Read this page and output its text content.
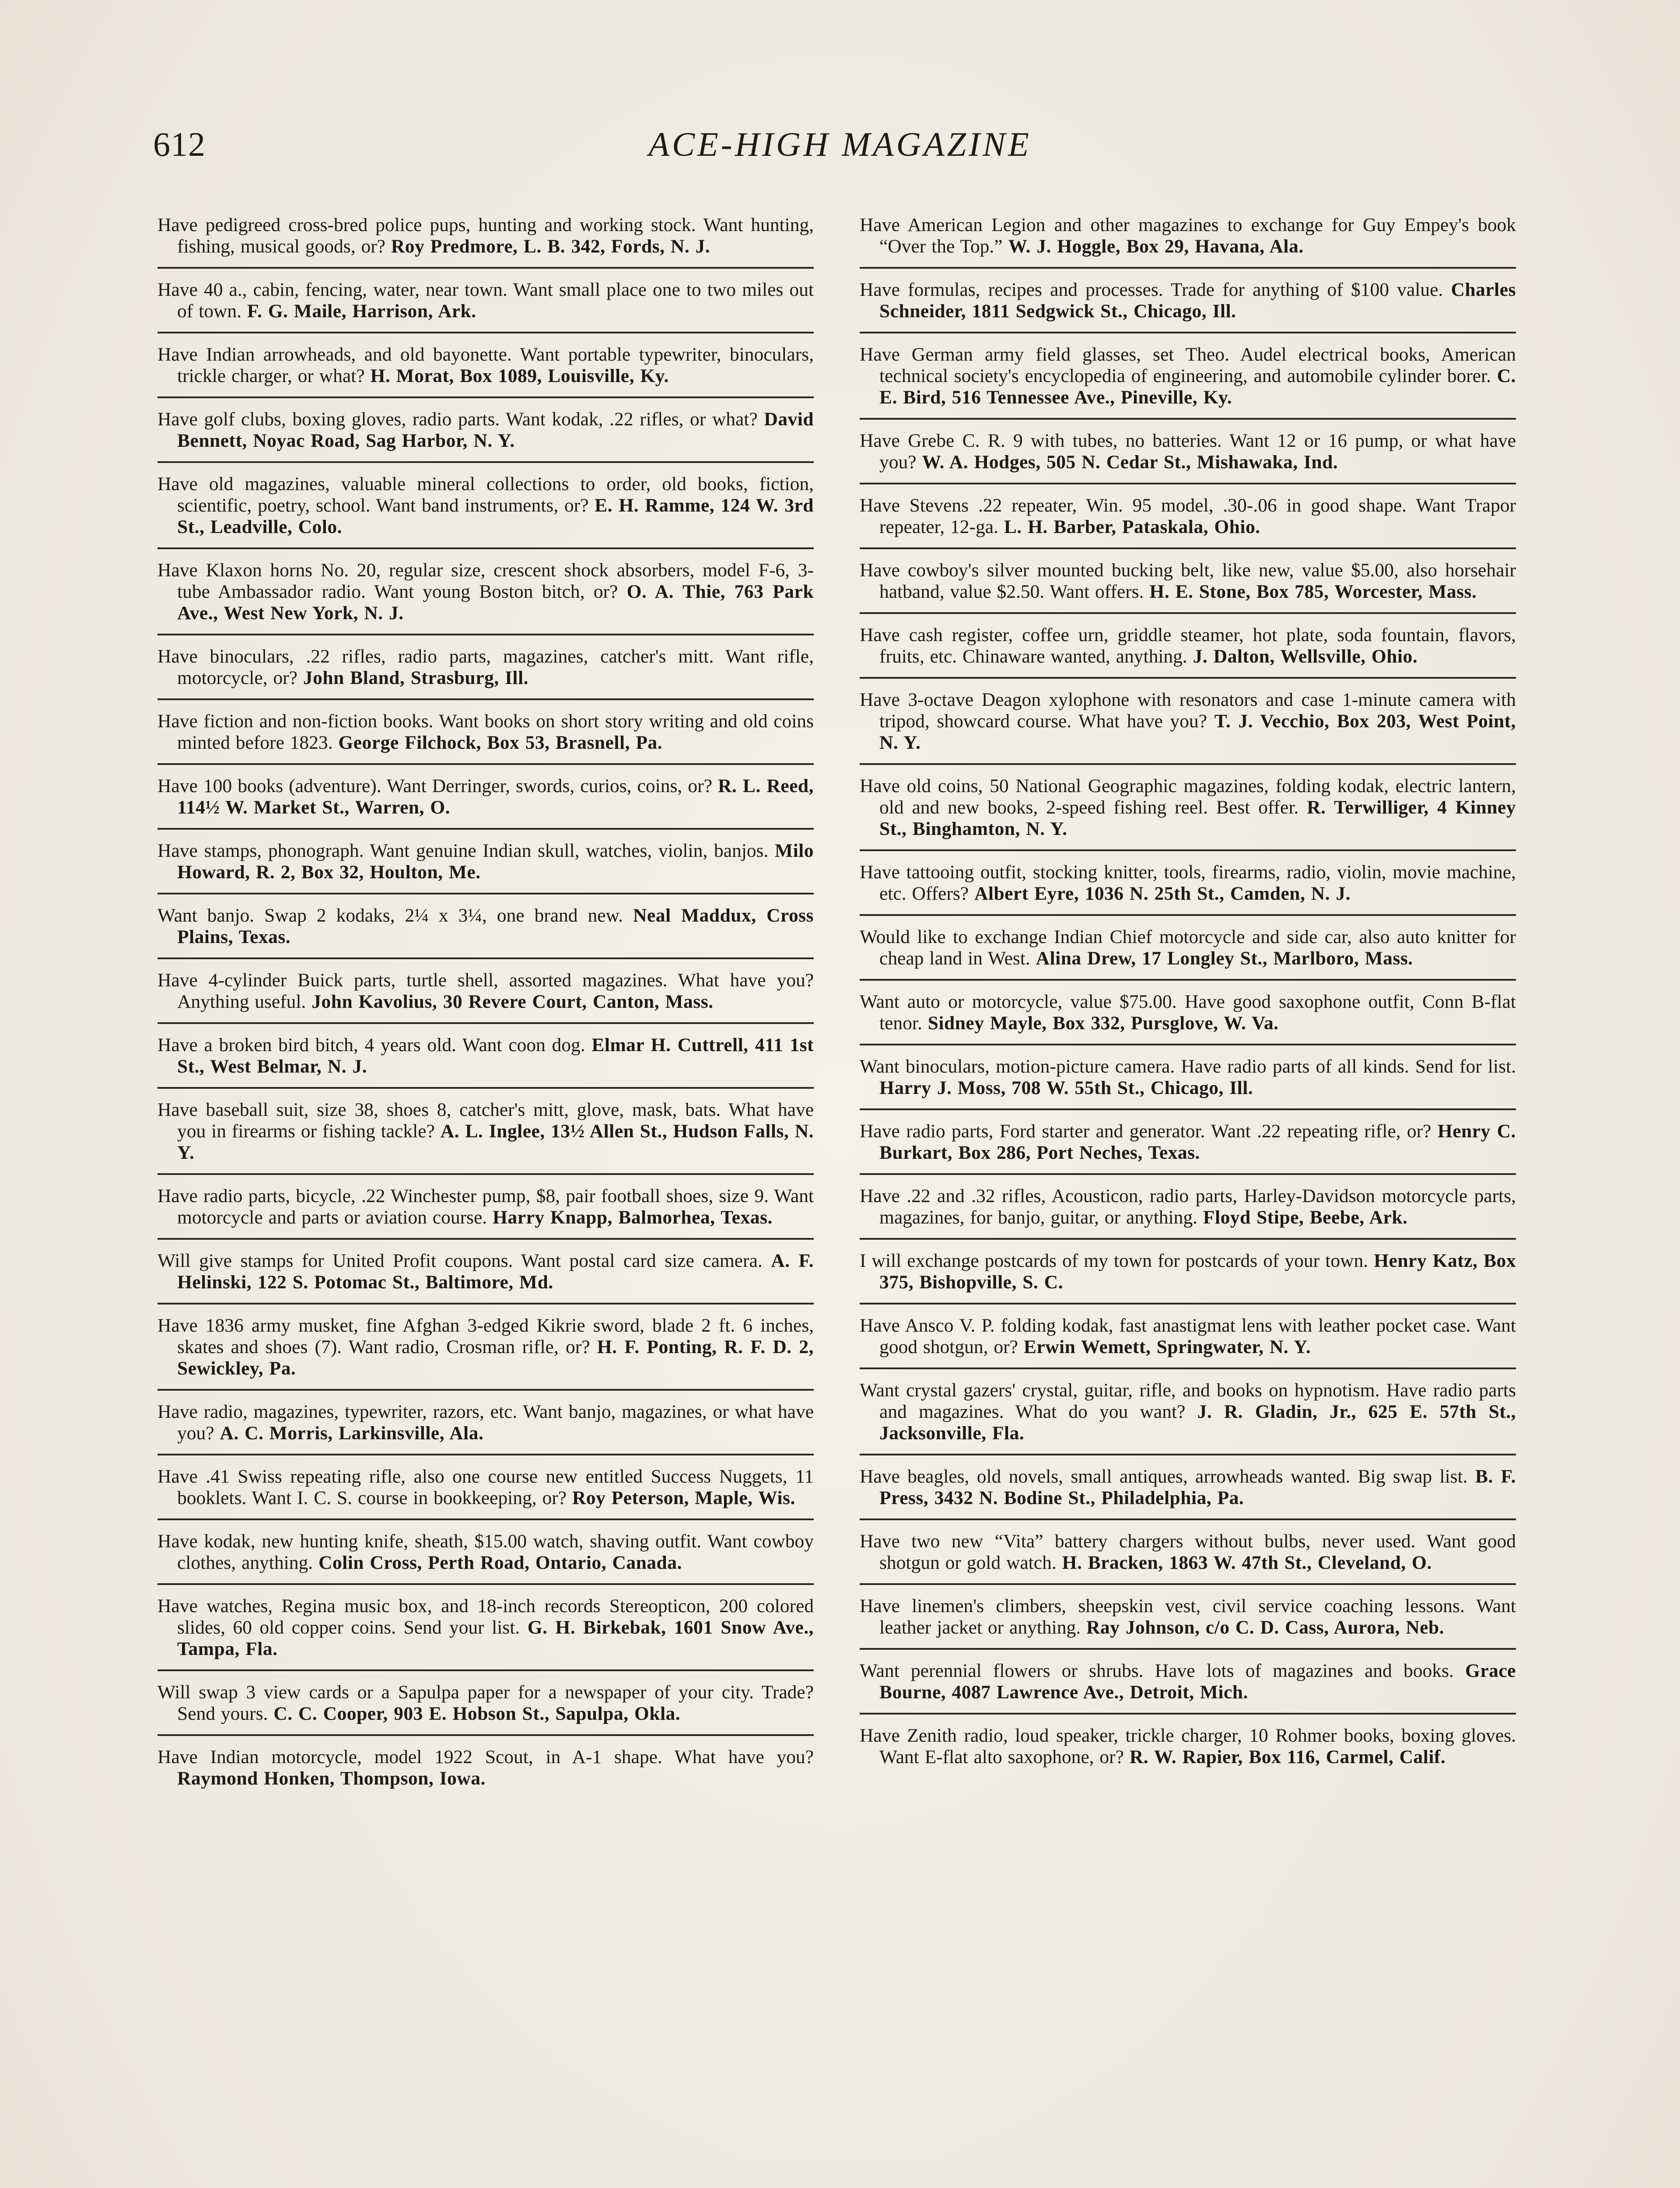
612	ACE-HIGH MAGAZINE
Have pedigreed cross-bred police pups, hunting and working stock. Want hunting, fishing, musical goods, or? Roy Predmore, L. B. 342, Fords, N. J.
Have 40 a., cabin, fencing, water, near town. Want small place one to two miles out of town. F. G. Maile, Harrison, Ark.
Have Indian arrowheads, and old bayonette. Want portable typewriter, binoculars, trickle charger, or what? H. Morat, Box 1089, Louisville, Ky.
Have golf clubs, boxing gloves, radio parts. Want kodak, .22 rifles, or what? David Bennett, Noyac Road, Sag Harbor, N. Y.
Have old magazines, valuable mineral collections to order, old books, fiction, scientific, poetry, school. Want band instruments, or? E. H. Ramme, 124 W. 3rd St., Leadville, Colo.
Have Klaxon horns No. 20, regular size, crescent shock absorbers, model F-6, 3-tube Ambassador radio. Want young Boston bitch, or? O. A. Thie, 763 Park Ave., West New York, N. J.
Have binoculars, .22 rifles, radio parts, magazines, catcher's mitt. Want rifle, motorcycle, or? John Bland, Strasburg, Ill.
Have fiction and non-fiction books. Want books on short story writing and old coins minted before 1823. George Filchock, Box 53, Brasnell, Pa.
Have 100 books (adventure). Want Derringer, swords, curios, coins, or? R. L. Reed, 114½ W. Market St., Warren, O.
Have stamps, phonograph. Want genuine Indian skull, watches, violin, banjos. Milo Howard, R. 2, Box 32, Houlton, Me.
Want banjo. Swap 2 kodaks, 2¼ x 3¼, one brand new. Neal Maddux, Cross Plains, Texas.
Have 4-cylinder Buick parts, turtle shell, assorted magazines. What have you? Anything useful. John Kavolius, 30 Revere Court, Canton, Mass.
Have a broken bird bitch, 4 years old. Want coon dog. Elmar H. Cuttrell, 411 1st St., West Belmar, N. J.
Have baseball suit, size 38, shoes 8, catcher's mitt, glove, mask, bats. What have you in firearms or fishing tackle? A. L. Inglee, 13½ Allen St., Hudson Falls, N. Y.
Have radio parts, bicycle, .22 Winchester pump, $8, pair football shoes, size 9. Want motorcycle and parts or aviation course. Harry Knapp, Balmorhea, Texas.
Will give stamps for United Profit coupons. Want postal card size camera. A. F. Helinski, 122 S. Potomac St., Baltimore, Md.
Have 1836 army musket, fine Afghan 3-edged Kikrie sword, blade 2 ft. 6 inches, skates and shoes (7). Want radio, Crosman rifle, or? H. F. Ponting, R. F. D. 2, Sewickley, Pa.
Have radio, magazines, typewriter, razors, etc. Want banjo, magazines, or what have you? A. C. Morris, Larkinsville, Ala.
Have .41 Swiss repeating rifle, also one course new entitled Success Nuggets, 11 booklets. Want I. C. S. course in bookkeeping, or? Roy Peterson, Maple, Wis.
Have kodak, new hunting knife, sheath, $15.00 watch, shaving outfit. Want cowboy clothes, anything. Colin Cross, Perth Road, Ontario, Canada.
Have watches, Regina music box, and 18-inch records Stereopticon, 200 colored slides, 60 old copper coins. Send your list. G. H. Birkebak, 1601 Snow Ave., Tampa, Fla.
Will swap 3 view cards or a Sapulpa paper for a newspaper of your city. Trade? Send yours. C. C. Cooper, 903 E. Hobson St., Sapulpa, Okla.
Have Indian motorcycle, model 1922 Scout, in A-1 shape. What have you? Raymond Honken, Thompson, Iowa.
Have American Legion and other magazines to exchange for Guy Empey's book “Over the Top.” W. J. Hoggle, Box 29, Havana, Ala.
Have formulas, recipes and processes. Trade for anything of $100 value. Charles Schneider, 1811 Sedgwick St., Chicago, Ill.
Have German army field glasses, set Theo. Audel electrical books, American technical society's encyclopedia of engineering, and automobile cylinder borer. C. E. Bird, 516 Tennessee Ave., Pineville, Ky.
Have Grebe C. R. 9 with tubes, no batteries. Want 12 or 16 pump, or what have you? W. A. Hodges, 505 N. Cedar St., Mishawaka, Ind.
Have Stevens .22 repeater, Win. 95 model, .30-.06 in good shape. Want Trapor repeater, 12-ga. L. H. Barber, Pataskala, Ohio.
Have cowboy's silver mounted bucking belt, like new, value $5.00, also horsehair hatband, value $2.50. Want offers. H. E. Stone, Box 785, Worcester, Mass.
Have cash register, coffee urn, griddle steamer, hot plate, soda fountain, flavors, fruits, etc. Chinaware wanted, anything. J. Dalton, Wellsville, Ohio.
Have 3-octave Deagon xylophone with resonators and case 1-minute camera with tripod, showcard course. What have you? T. J. Vecchio, Box 203, West Point, N. Y.
Have old coins, 50 National Geographic magazines, folding kodak, electric lantern, old and new books, 2-speed fishing reel. Best offer. R. Terwilliger, 4 Kinney St., Binghamton, N. Y.
Have tattooing outfit, stocking knitter, tools, firearms, radio, violin, movie machine, etc. Offers? Albert Eyre, 1036 N. 25th St., Camden, N. J.
Would like to exchange Indian Chief motorcycle and side car, also auto knitter for cheap land in West. Alina Drew, 17 Longley St., Marlboro, Mass.
Want auto or motorcycle, value $75.00. Have good saxophone outfit, Conn B-flat tenor. Sidney Mayle, Box 332, Pursglove, W. Va.
Want binoculars, motion-picture camera. Have radio parts of all kinds. Send for list. Harry J. Moss, 708 W. 55th St., Chicago, Ill.
Have radio parts, Ford starter and generator. Want .22 repeating rifle, or? Henry C. Burkart, Box 286, Port Neches, Texas.
Have .22 and .32 rifles, Acousticon, radio parts, Harley-Davidson motorcycle parts, magazines, for banjo, guitar, or anything. Floyd Stipe, Beebe, Ark.
I will exchange postcards of my town for postcards of your town. Henry Katz, Box 375, Bishopville, S. C.
Have Ansco V. P. folding kodak, fast anastigmat lens with leather pocket case. Want good shotgun, or? Erwin Wemett, Springwater, N. Y.
Want crystal gazers' crystal, guitar, rifle, and books on hypnotism. Have radio parts and magazines. What do you want? J. R. Gladin, Jr., 625 E. 57th St., Jacksonville, Fla.
Have beagles, old novels, small antiques, arrowheads wanted. Big swap list. B. F. Press, 3432 N. Bodine St., Philadelphia, Pa.
Have two new “Vita” battery chargers without bulbs, never used. Want good shotgun or gold watch. H. Bracken, 1863 W. 47th St., Cleveland, O.
Have linemen's climbers, sheepskin vest, civil service coaching lessons. Want leather jacket or anything. Ray Johnson, c/o C. D. Cass, Aurora, Neb.
Want perennial flowers or shrubs. Have lots of magazines and books. Grace Bourne, 4087 Lawrence Ave., Detroit, Mich.
Have Zenith radio, loud speaker, trickle charger, 10 Rohmer books, boxing gloves. Want E-flat alto saxophone, or? R. W. Rapier, Box 116, Carmel, Calif.
